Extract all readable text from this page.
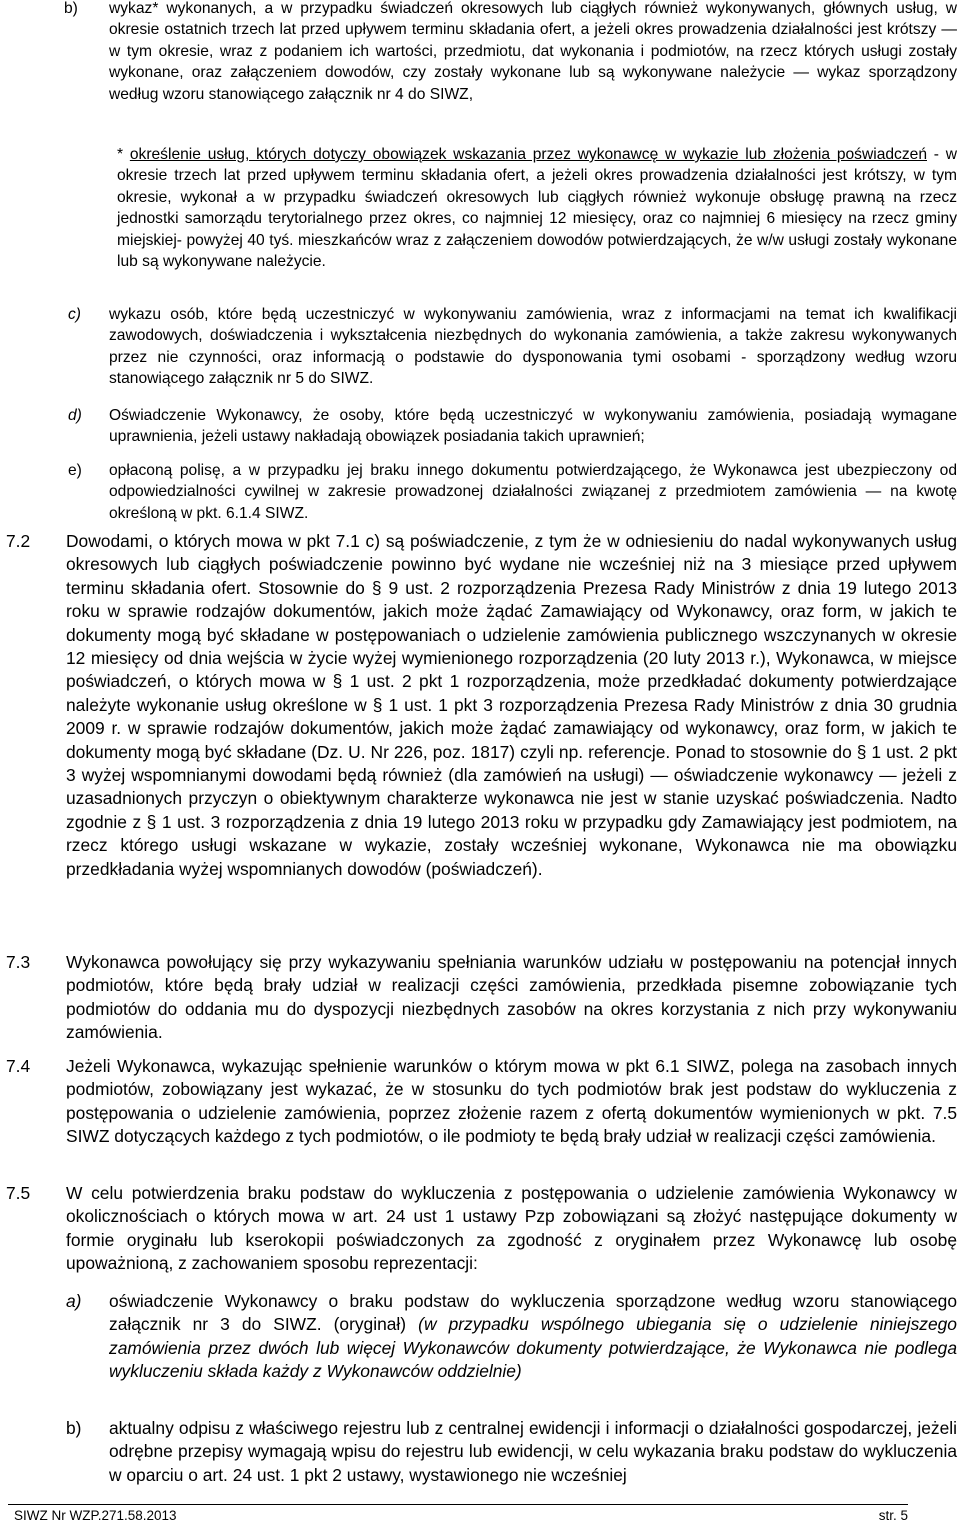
b) wykaz* wykonanych, a w przypadku świadczeń okresowych lub ciągłych również wykonywanych, głównych usług, w okresie ostatnich trzech lat przed upływem terminu składania ofert, a jeżeli okres prowadzenia działalności jest krótszy — w tym okresie, wraz z podaniem ich wartości, przedmiotu, dat wykonania i podmiotów, na rzecz których usługi zostały wykonane, oraz załączeniem dowodów, czy zostały wykonane lub są wykonywane należycie — wykaz sporządzony według wzoru stanowiącego załącznik nr 4 do SIWZ,
* określenie usług, których dotyczy obowiązek wskazania przez wykonawcę w wykazie lub złożenia poświadczeń - w okresie trzech lat przed upływem terminu składania ofert, a jeżeli okres prowadzenia działalności jest krótszy, w tym okresie, wykonał a w przypadku świadczeń okresowych lub ciągłych również wykonuje obsługę prawną na rzecz jednostki samorządu terytorialnego przez okres, co najmniej 12 miesięcy, oraz co najmniej 6 miesięcy na rzecz gminy miejskiej- powyżej 40 tyś. mieszkańców wraz z załączeniem dowodów potwierdzających, że w/w usługi zostały wykonane lub są wykonywane należycie.
c) wykazu osób, które będą uczestniczyć w wykonywaniu zamówienia, wraz z informacjami na temat ich kwalifikacji zawodowych, doświadczenia i wykształcenia niezbędnych do wykonania zamówienia, a także zakresu wykonywanych przez nie czynności, oraz informacją o podstawie do dysponowania tymi osobami - sporządzony według wzoru stanowiącego załącznik nr 5 do SIWZ.
d) Oświadczenie Wykonawcy, że osoby, które będą uczestniczyć w wykonywaniu zamówienia, posiadają wymagane uprawnienia, jeżeli ustawy nakładają obowiązek posiadania takich uprawnień;
e) opłaconą polisę, a w przypadku jej braku innego dokumentu potwierdzającego, że Wykonawca jest ubezpieczony od odpowiedzialności cywilnej w zakresie prowadzonej działalności związanej z przedmiotem zamówienia — na kwotę określoną w pkt. 6.1.4 SIWZ.
7.2 Dowodami, o których mowa w pkt 7.1 c) są poświadczenie, z tym że w odniesieniu do nadal wykonywanych usług okresowych lub ciągłych poświadczenie powinno być wydane nie wcześniej niż na 3 miesiące przed upływem terminu składania ofert. Stosownie do § 9 ust. 2 rozporządzenia Prezesa Rady Ministrów z dnia 19 lutego 2013 roku w sprawie rodzajów dokumentów, jakich może żądać Zamawiający od Wykonawcy, oraz form, w jakich te dokumenty mogą być składane w postępowaniach o udzielenie zamówienia publicznego wszczynanych w okresie 12 miesięcy od dnia wejścia w życie wyżej wymienionego rozporządzenia (20 luty 2013 r.), Wykonawca, w miejsce poświadczeń, o których mowa w § 1 ust. 2 pkt 1 rozporządzenia, może przedkładać dokumenty potwierdzające należyte wykonanie usług określone w § 1 ust. 1 pkt 3 rozporządzenia Prezesa Rady Ministrów z dnia 30 grudnia 2009 r. w sprawie rodzajów dokumentów, jakich może żądać zamawiający od wykonawcy, oraz form, w jakich te dokumenty mogą być składane (Dz. U. Nr 226, poz. 1817) czyli np. referencje. Ponad to stosownie do § 1 ust. 2 pkt 3 wyżej wspomnianymi dowodami będą również (dla zamówień na usługi) — oświadczenie wykonawcy — jeżeli z uzasadnionych przyczyn o obiektywnym charakterze wykonawca nie jest w stanie uzyskać poświadczenia. Nadto zgodnie z § 1 ust. 3 rozporządzenia z dnia 19 lutego 2013 roku w przypadku gdy Zamawiający jest podmiotem, na rzecz którego usługi wskazane w wykazie, zostały wcześniej wykonane, Wykonawca nie ma obowiązku przedkładania wyżej wspomnianych dowodów (poświadczeń).
7.3 Wykonawca powołujący się przy wykazywaniu spełniania warunków udziału w postępowaniu na potencjał innych podmiotów, które będą brały udział w realizacji części zamówienia, przedkłada pisemne zobowiązanie tych podmiotów do oddania mu do dyspozycji niezbędnych zasobów na okres korzystania z nich przy wykonywaniu zamówienia.
7.4 Jeżeli Wykonawca, wykazując spełnienie warunków o którym mowa w pkt 6.1 SIWZ, polega na zasobach innych podmiotów, zobowiązany jest wykazać, że w stosunku do tych podmiotów brak jest podstaw do wykluczenia z postępowania o udzielenie zamówienia, poprzez złożenie razem z ofertą dokumentów wymienionych w pkt. 7.5 SIWZ dotyczących każdego z tych podmiotów, o ile podmioty te będą brały udział w realizacji części zamówienia.
7.5 W celu potwierdzenia braku podstaw do wykluczenia z postępowania o udzielenie zamówienia Wykonawcy w okolicznościach o których mowa w art. 24 ust 1 ustawy Pzp zobowiązani są złożyć następujące dokumenty w formie oryginału lub kserokopii poświadczonych za zgodność z oryginałem przez Wykonawcę lub osobę upoważnioną, z zachowaniem sposobu reprezentacji:
a) oświadczenie Wykonawcy o braku podstaw do wykluczenia sporządzone według wzoru stanowiącego załącznik nr 3 do SIWZ. (oryginał) (w przypadku wspólnego ubiegania się o udzielenie niniejszego zamówienia przez dwóch lub więcej Wykonawców dokumenty potwierdzające, że Wykonawca nie podlega wykluczeniu składa każdy z Wykonawców oddzielnie)
b) aktualny odpisu z właściwego rejestru lub z centralnej ewidencji i informacji o działalności gospodarczej, jeżeli odrębne przepisy wymagają wpisu do rejestru lub ewidencji, w celu wykazania braku podstaw do wykluczenia w oparciu o art. 24 ust. 1 pkt 2 ustawy, wystawionego nie wcześniej
SIWZ Nr WZP.271.58.2013	str. 5
